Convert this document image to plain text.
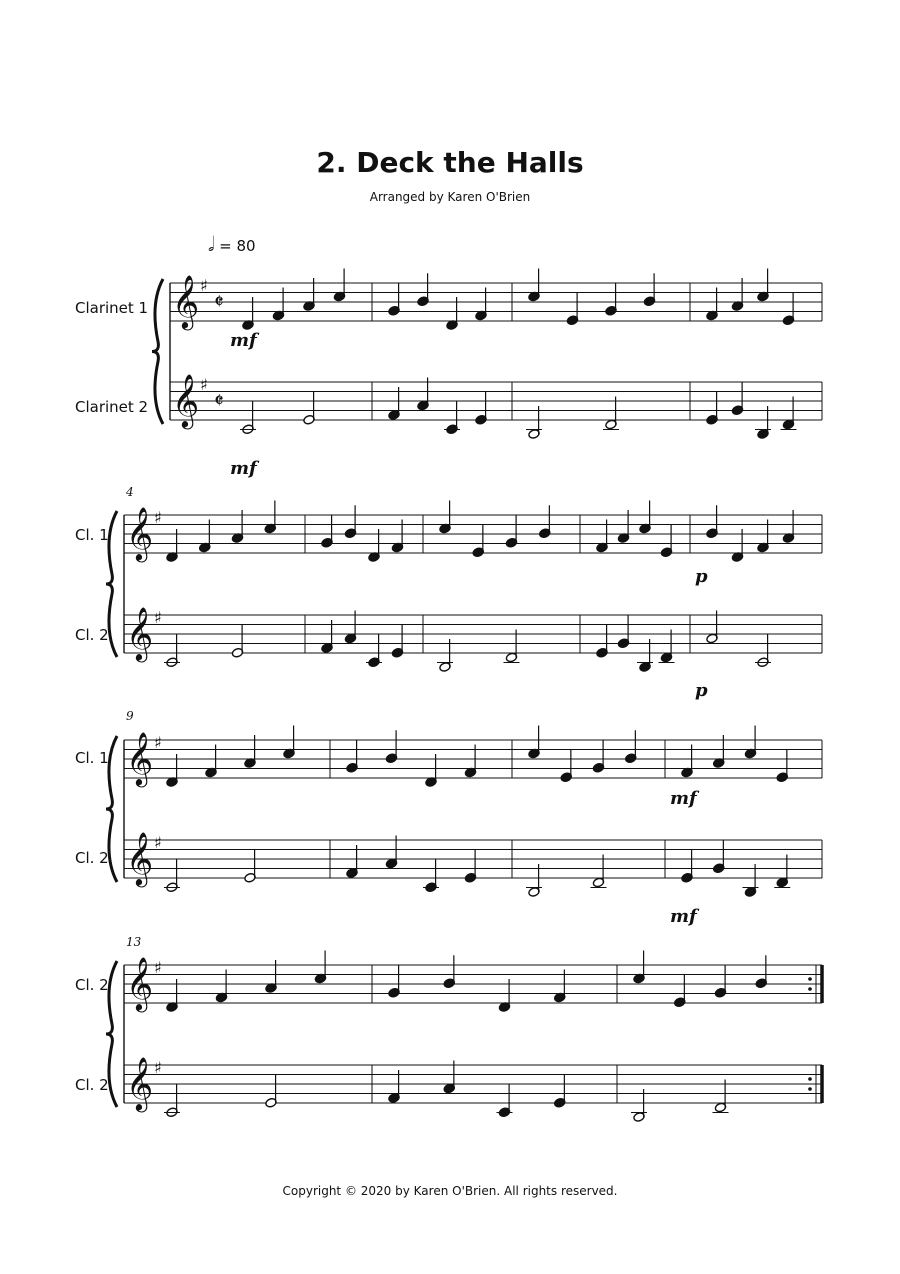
2. Deck the Halls
Arranged by Karen O'Brien
𝅗𝅥 = 80
Clarinet 1
Clarinet 2
Cl. 1
Cl. 2
Cl. 1
Cl. 2
Cl. 2
Cl. 2
4
9
13
mf
mf
p
p
mf
mf
𝄞 ♯
𝄵
𝄞 ♯
𝄵
𝄞 ♯
𝄞 ♯
𝄞 ♯
𝄞 ♯
𝄞 ♯
𝄞 ♯
Copyright © 2020 by Karen O'Brien. All rights reserved.
